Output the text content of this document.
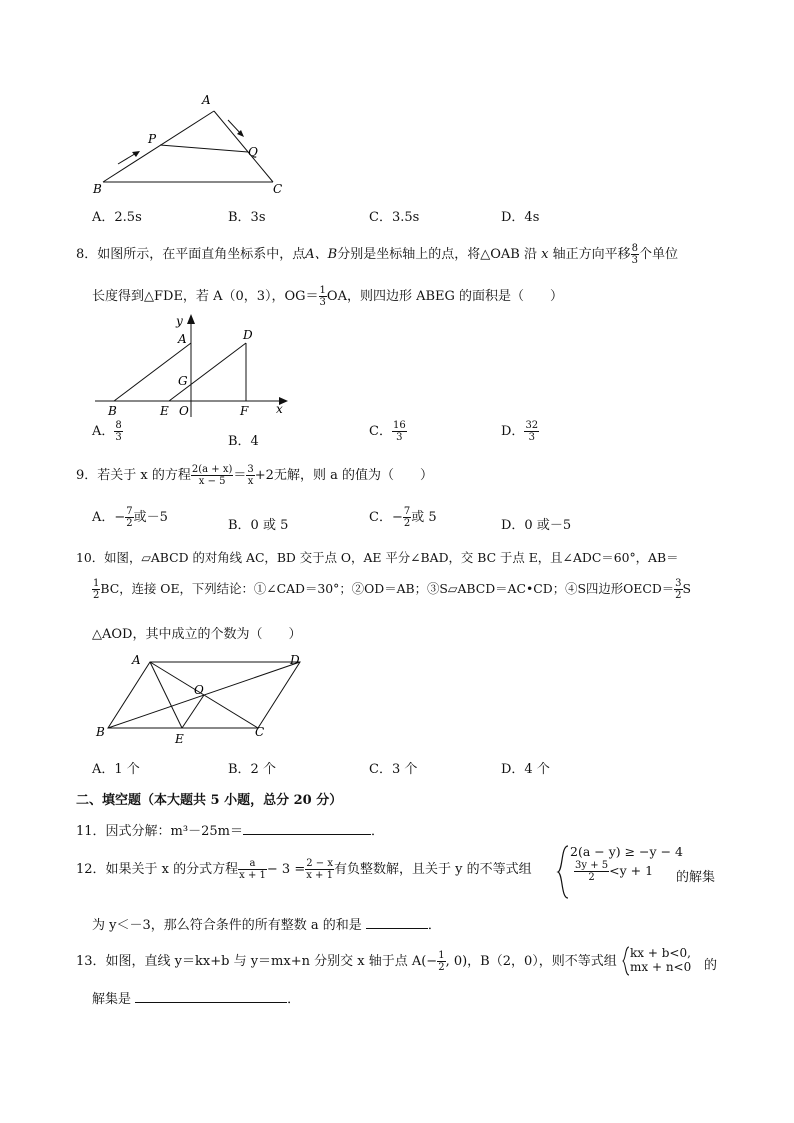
A
P
Q
B	C
A．2.5s	B．3s	C．3.5s	D．4s
8．如图所示，在平面直角坐标系中，点A、B分别是坐标轴上的点，将△OAB 沿 x 轴正方向平移 $\frac{8}{3}$ 个单位
长度得到△FDE，若 A（0，3），$OG= \frac{1}{3}$ OA，则四边形 ABEG 的面积是（　　）
y
A	D
G
B	E O	F x
A． $\frac{8}{3}$	B．4
C． $\frac{16}{3}$	D． $\frac{32}{3}$
9．若关于 x 的方程 $\frac{2(a + x)}{x - 5} = \frac{3}{x} +2$无解，则 a 的值为（　　）
A．− $\frac{7}{2}$ 或－5
B．0 或 5
C．− $\frac{7}{2}$ 或 5
D．0 或－5
10．如图，▱ABCD 的对角线 AC，BD 交于点 O，AE 平分∠BAD，交 BC 于点 E，且∠ADC＝60°，AB＝
$\frac{1}{2}$ BC，连接 OE，下列结论：①∠CAD＝30°；②OD＝AB；③S▱ABCD＝AC•CD；④S四边形OECD＝ $\frac{3}{2}$ S
△AOD，其中成立的个数为（　　）
A	D
O
B	E	C
A．1 个	B．2 个	C．3 个	D．4 个
二、填空题（本大题共 5 小题，总分 20 分）
11．因式分解：m³－25m＝	．
12．如果关于 x 的分式方程 $\frac{a}{x + 1} - 3 = \frac{2 - x}{x + 1}$ 有负整数解，且关于 y 的不等式组
2(a − y) ≥ −y − 4
$\frac{3y + 5}{2} <y + 1$ 的解集
为 y＜－3，那么符合条件的所有整数 a 的和是	．
13．如图，直线 y＝kx+b 与 y＝mx+n 分别交 x 轴于点 $A(- \frac{1}{2}$ , 0)，B（2，0），则不等式组
kx + b<0,
mx + n<0 的
解集是	．
